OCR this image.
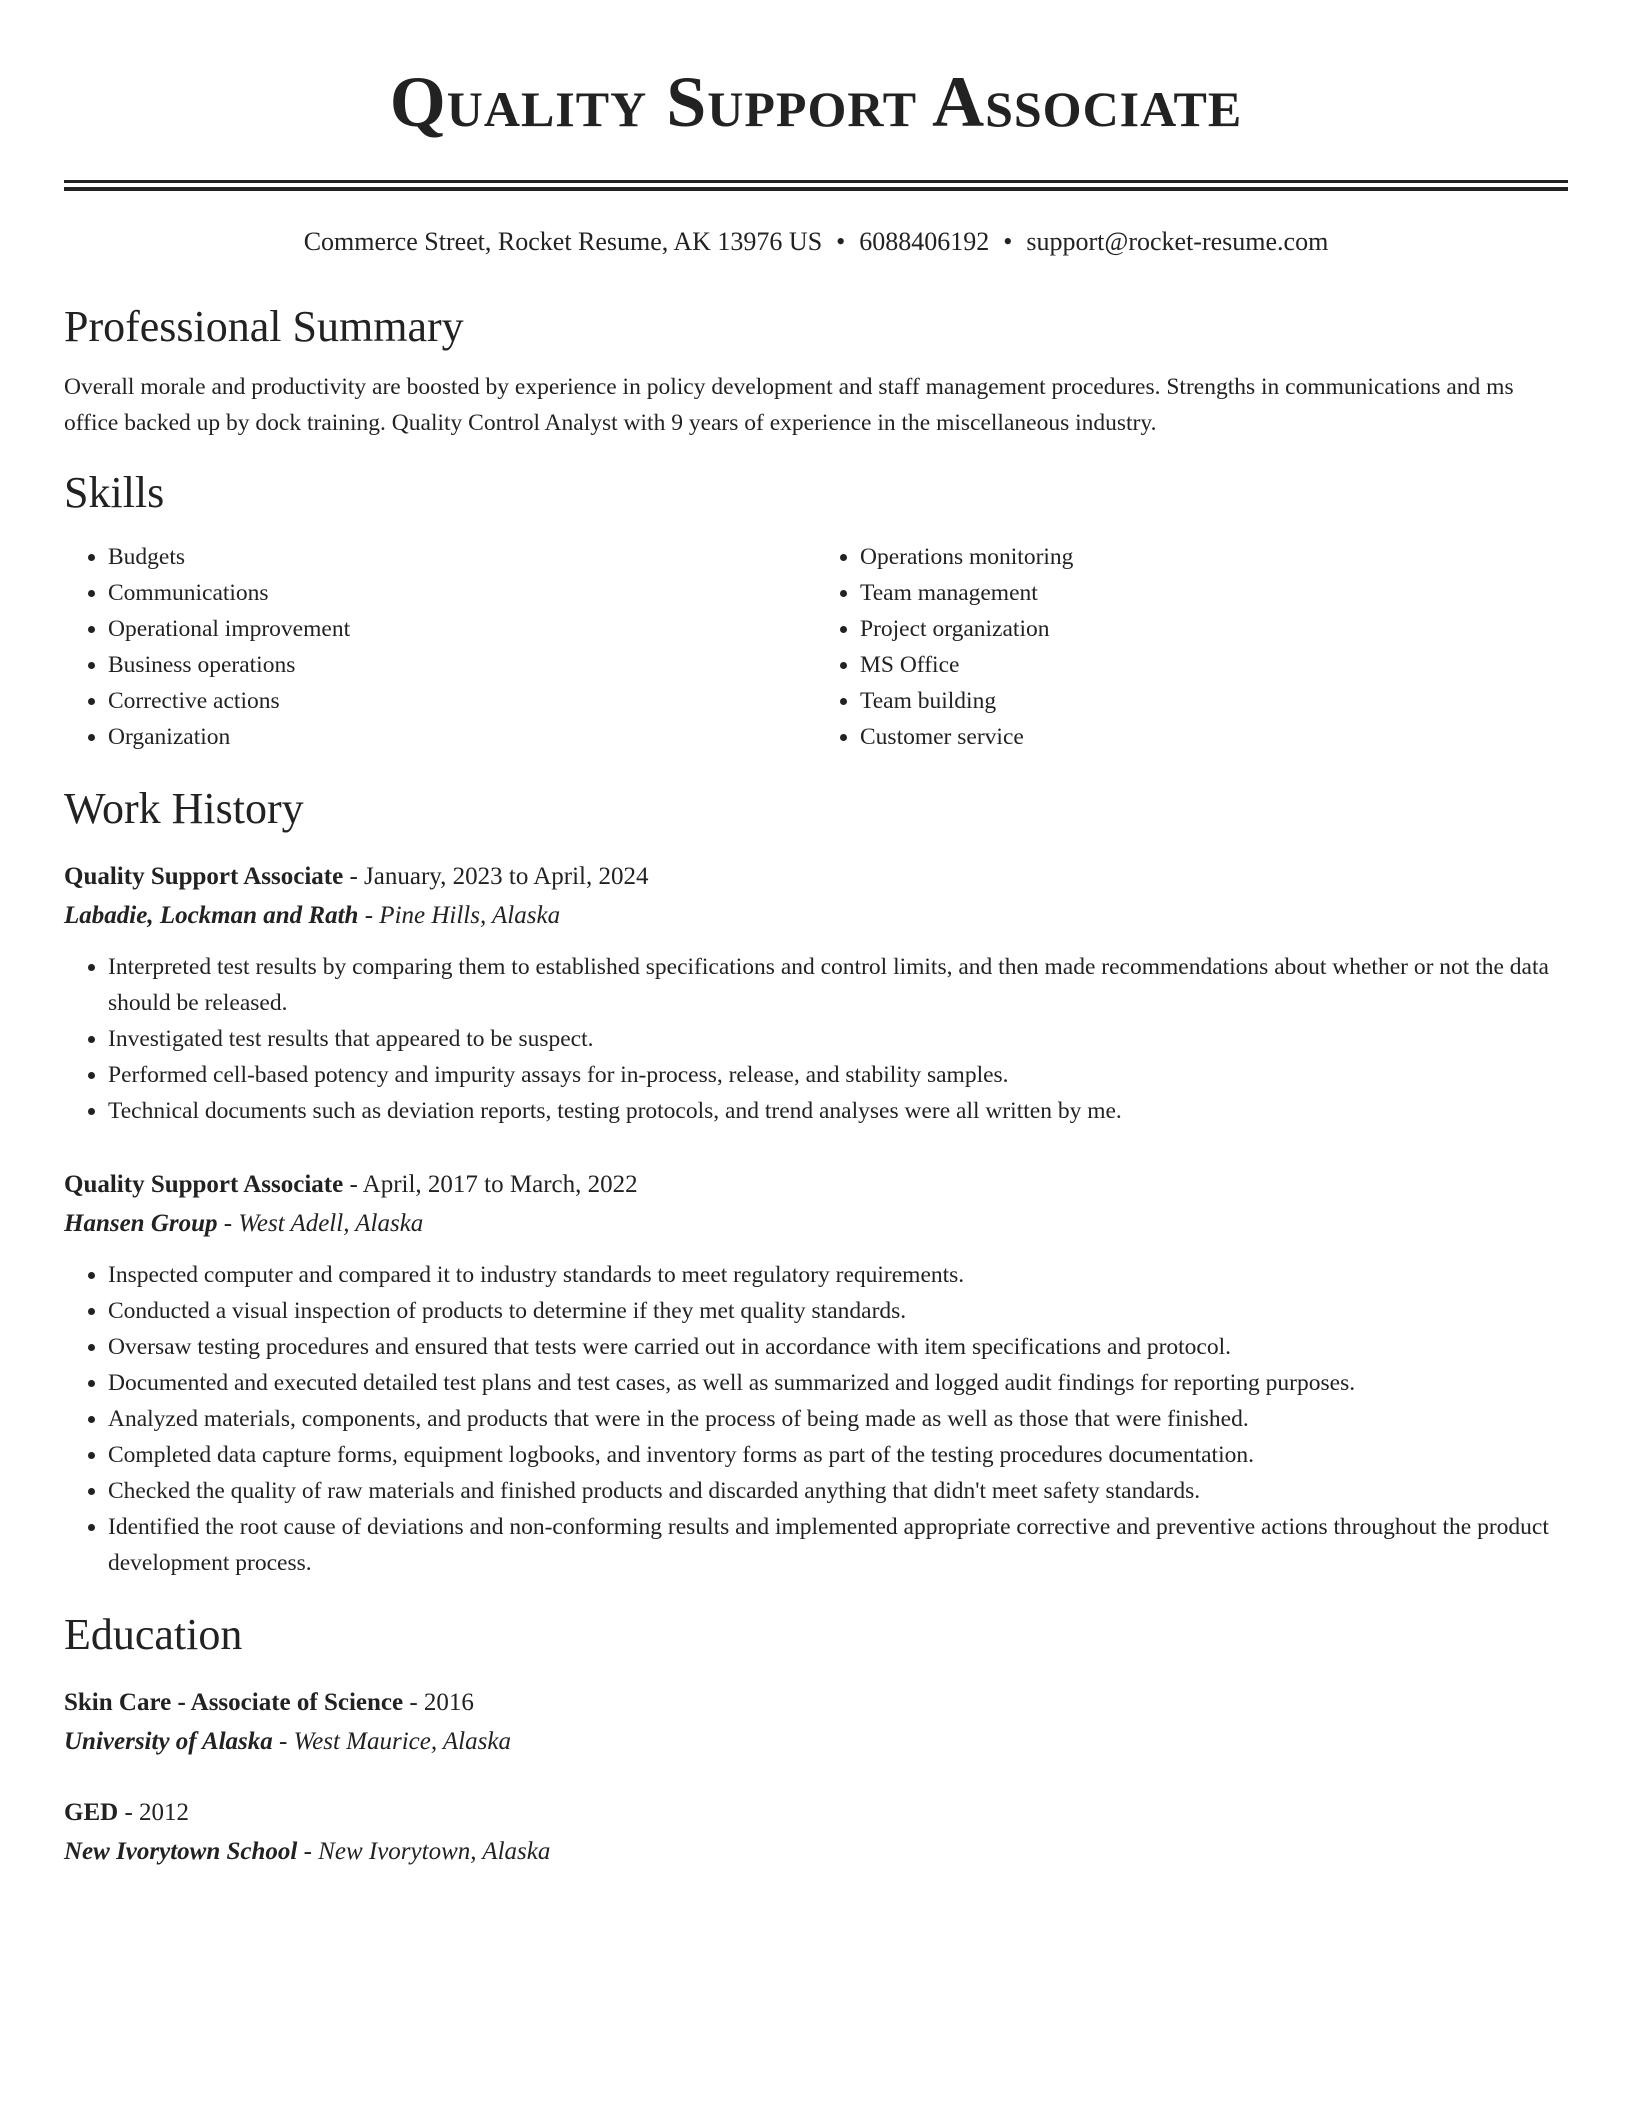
Quality Support Associate
Commerce Street, Rocket Resume, AK 13976 US • 6088406192 • support@rocket-resume.com
Professional Summary
Overall morale and productivity are boosted by experience in policy development and staff management procedures. Strengths in communications and ms office backed up by dock training. Quality Control Analyst with 9 years of experience in the miscellaneous industry.
Skills
• Budgets
• Communications
• Operational improvement
• Business operations
• Corrective actions
• Organization
• Operations monitoring
• Team management
• Project organization
• MS Office
• Team building
• Customer service
Work History
Quality Support Associate - January, 2023 to April, 2024
Labadie, Lockman and Rath - Pine Hills, Alaska
• Interpreted test results by comparing them to established specifications and control limits, and then made recommendations about whether or not the data should be released.
• Investigated test results that appeared to be suspect.
• Performed cell-based potency and impurity assays for in-process, release, and stability samples.
• Technical documents such as deviation reports, testing protocols, and trend analyses were all written by me.
Quality Support Associate - April, 2017 to March, 2022
Hansen Group - West Adell, Alaska
• Inspected computer and compared it to industry standards to meet regulatory requirements.
• Conducted a visual inspection of products to determine if they met quality standards.
• Oversaw testing procedures and ensured that tests were carried out in accordance with item specifications and protocol.
• Documented and executed detailed test plans and test cases, as well as summarized and logged audit findings for reporting purposes.
• Analyzed materials, components, and products that were in the process of being made as well as those that were finished.
• Completed data capture forms, equipment logbooks, and inventory forms as part of the testing procedures documentation.
• Checked the quality of raw materials and finished products and discarded anything that didn't meet safety standards.
• Identified the root cause of deviations and non-conforming results and implemented appropriate corrective and preventive actions throughout the product development process.
Education
Skin Care - Associate of Science - 2016
University of Alaska - West Maurice, Alaska
GED - 2012
New Ivorytown School - New Ivorytown, Alaska
